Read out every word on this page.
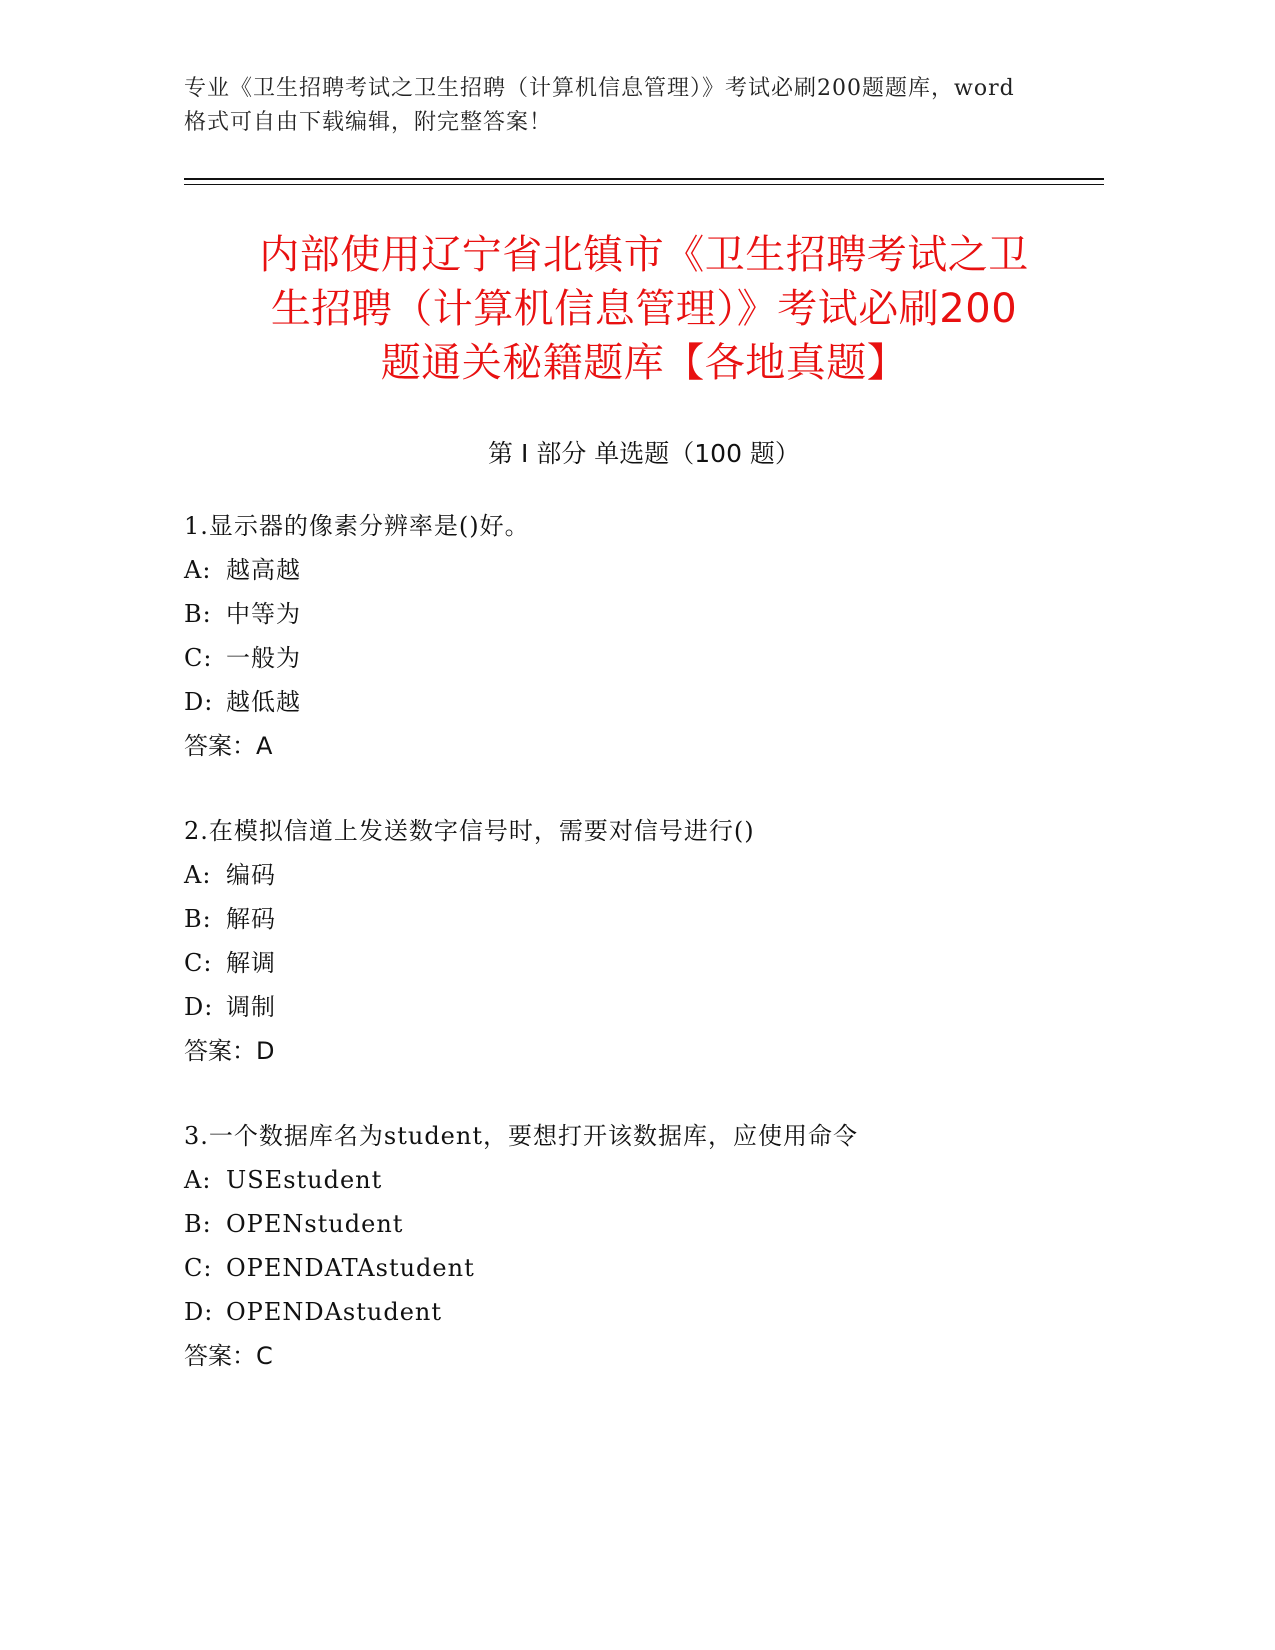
专业《卫生招聘考试之卫生招聘（计算机信息管理）》考试必刷200题题库，word
格式可自由下载编辑，附完整答案！
内部使用辽宁省北镇市《卫生招聘考试之卫
生招聘（计算机信息管理）》考试必刷200
题通关秘籍题库【各地真题】
第 I 部分 单选题（100 题）
1.显示器的像素分辨率是()好。
A: 越高越
B: 中等为
C: 一般为
D: 越低越
答案：A
2.在模拟信道上发送数字信号时，需要对信号进行()
A: 编码
B: 解码
C: 解调
D: 调制
答案：D
3.一个数据库名为student，要想打开该数据库，应使用命令
A: USEstudent
B: OPENstudent
C: OPENDATAstudent
D: OPENDAstudent
答案：C
